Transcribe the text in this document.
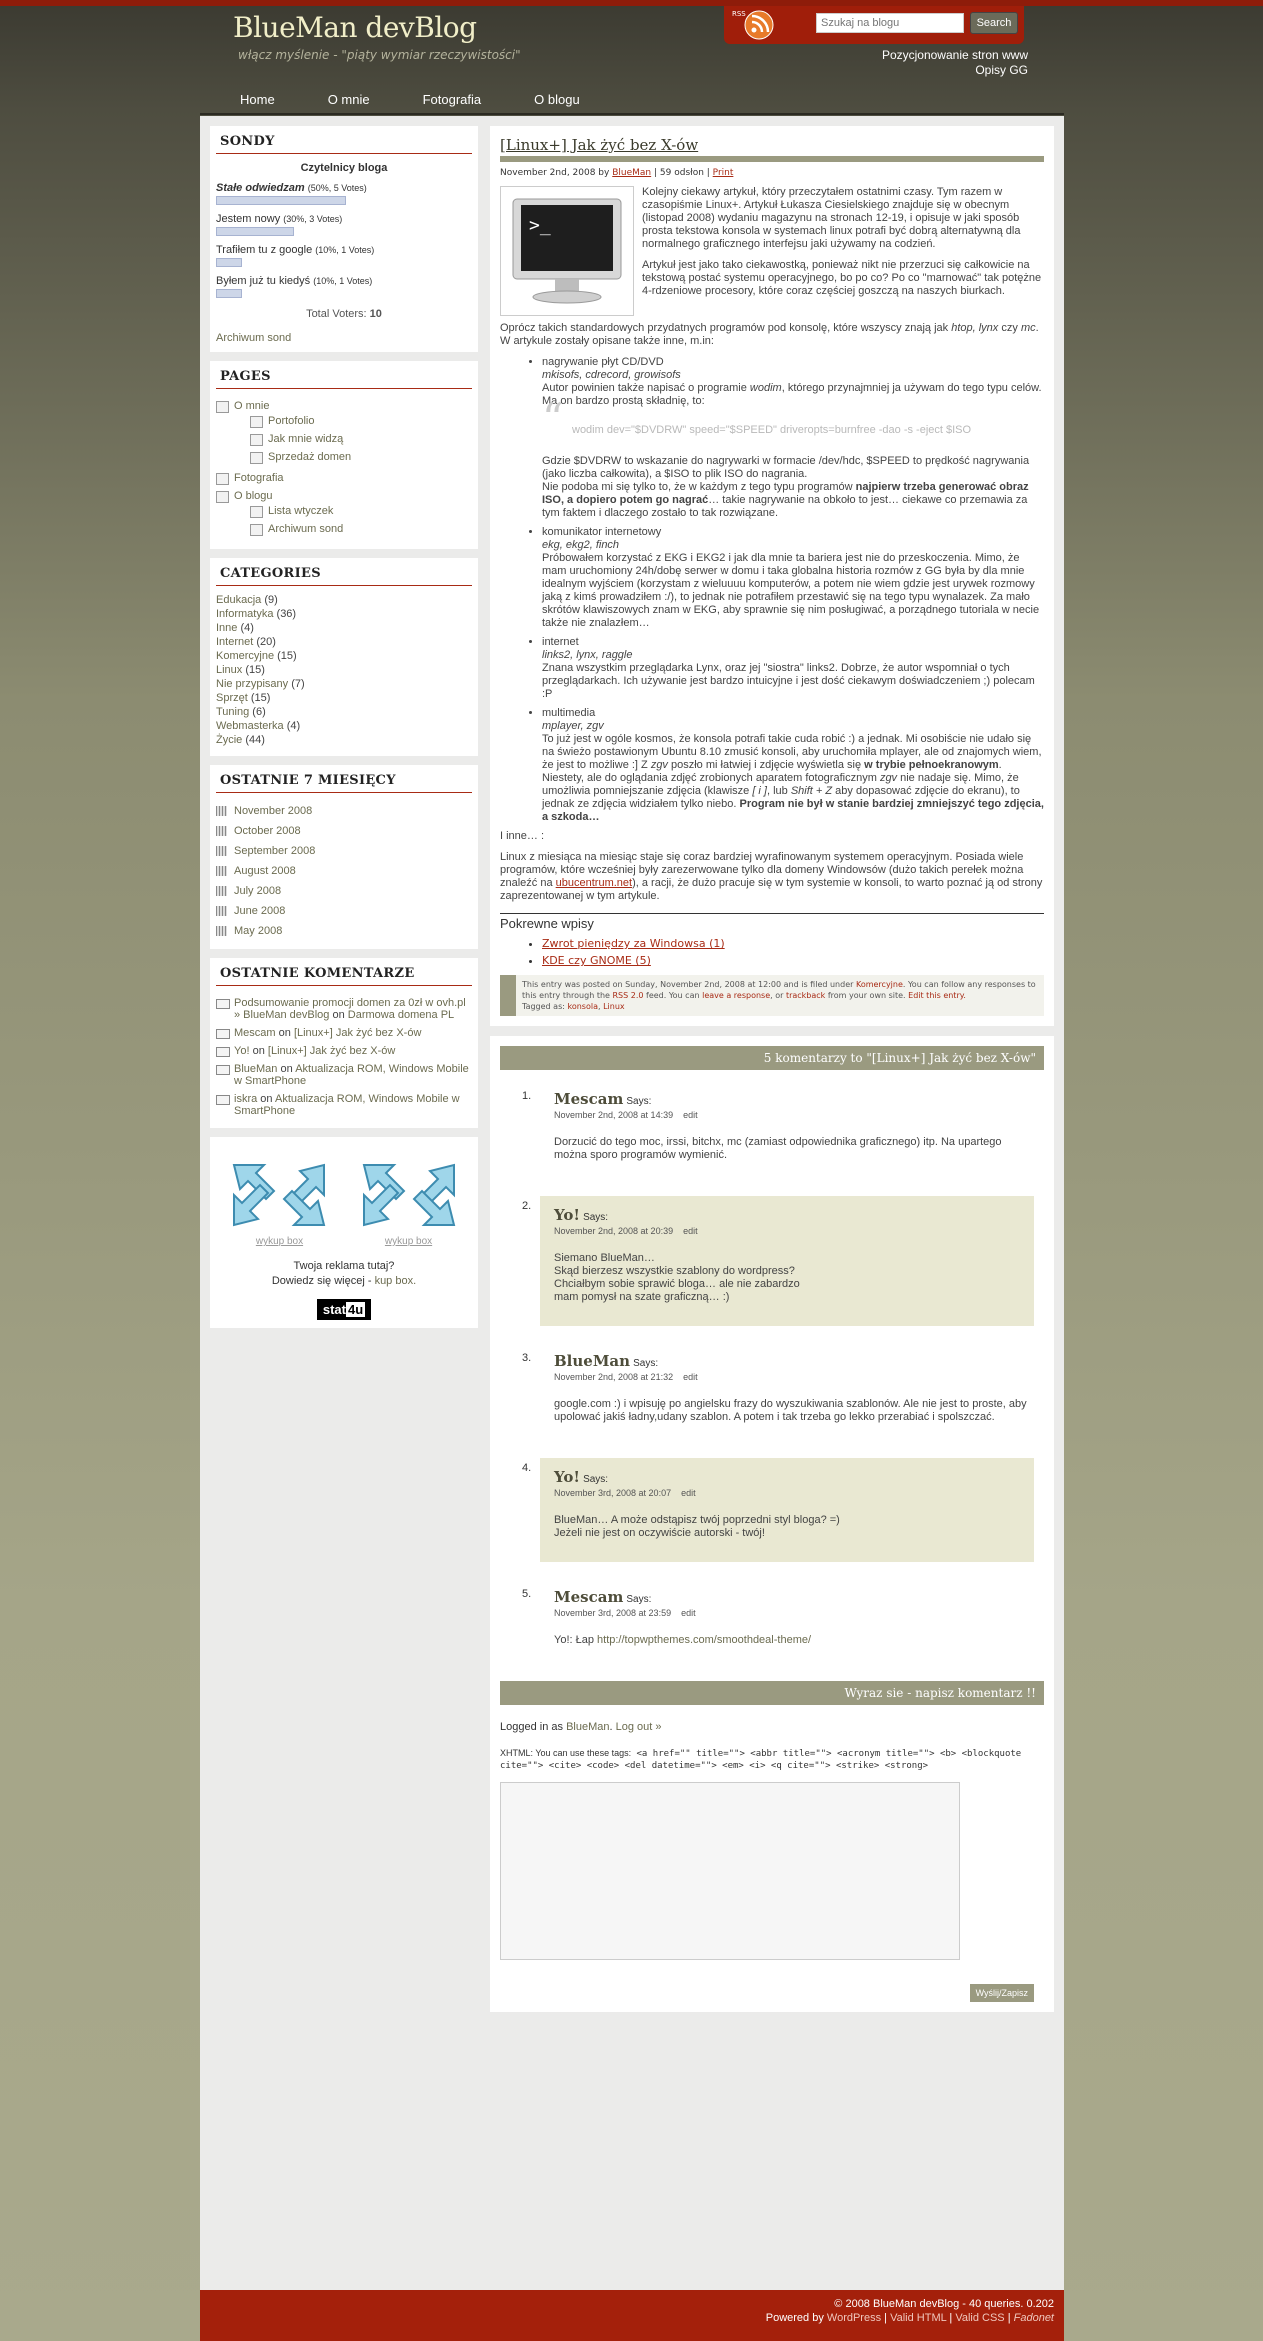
BlueMan devBlog
włącz myślenie - "piąty wymiar rzeczywistości"
RSS
Szukaj na blogu
Search
Pozycjonowanie stron www
Opisy GG
Home	O mnie	Fotografia	O blogu
SONDY
Czytelnicy bloga
Stałe odwiedzam (50%, 5 Votes)
Jestem nowy (30%, 3 Votes)
Trafiłem tu z google (10%, 1 Votes)
Byłem już tu kiedyś (10%, 1 Votes)
Total Voters: 10
Archiwum sond
PAGES
O mnie
Portofolio
Jak mnie widzą
Sprzedaż domen
Fotografia
O blogu
Lista wtyczek
Archiwum sond
CATEGORIES
Edukacja (9)
Informatyka (36)
Inne (4)
Internet (20)
Komercyjne (15)
Linux (15)
Nie przypisany (7)
Sprzęt (15)
Tuning (6)
Webmasterka (4)
Życie (44)
OSTATNIE 7 MIESIĘCY
November 2008
October 2008
September 2008
August 2008
July 2008
June 2008
May 2008
OSTATNIE KOMENTARZE
Podsumowanie promocji domen za 0zł w ovh.pl » BlueMan devBlog on Darmowa domena PL
Mescam on [Linux+] Jak żyć bez X-ów
Yo! on [Linux+] Jak żyć bez X-ów
BlueMan on Aktualizacja ROM, Windows Mobile w SmartPhone
iskra on Aktualizacja ROM, Windows Mobile w SmartPhone
wykup box	wykup box
Twoja reklama tutaj?
Dowiedz się więcej - kup box.
stat 4u
[Linux+] Jak żyć bez X-ów
November 2nd, 2008 by BlueMan | 59 odsłon | Print
>_

Kolejny ciekawy artykuł, który przeczytałem ostatnimi czasy. Tym razem w czasopiśmie Linux+. Artykuł Łukasza Ciesielskiego znajduje się w obecnym (listopad 2008) wydaniu magazynu na stronach 12-19, i opisuje w jaki sposób prosta tekstowa konsola w systemach linux potrafi być dobrą alternatywną dla normalnego graficznego interfejsu jaki używamy na codzień.

Artykuł jest jako tako ciekawostką, ponieważ nikt nie przerzuci się całkowicie na tekstową postać systemu operacyjnego, bo po co? Po co "marnować" tak potężne 4-rdzeniowe procesory, które coraz częściej goszczą na naszych biurkach.

Oprócz takich standardowych przydatnych programów pod konsolę, które wszyscy znają jak htop, lynx czy mc. W artykule zostały opisane także inne, m.in:

• nagrywanie płyt CD/DVD
mkisofs, cdrecord, growisofs
Autor powinien także napisać o programie wodim, którego przynajmniej ja używam do tego typu celów.
Ma on bardzo prostą składnię, to:
“ wodim dev="$DVDRW" speed="$SPEED" driveropts=burnfree -dao -s -eject $ISO
Gdzie $DVDRW to wskazanie do nagrywarki w formacie /dev/hdc, $SPEED to prędkość nagrywania (jako liczba całkowita), a $ISO to plik ISO do nagrania.
Nie podoba mi się tylko to, że w każdym z tego typu programów najpierw trzeba generować obraz ISO, a dopiero potem go nagrać… takie nagrywanie na obkoło to jest… ciekawe co przemawia za tym faktem i dlaczego zostało to tak rozwiązane.
• komunikator internetowy
ekg, ekg2, finch
Próbowałem korzystać z EKG i EKG2 i jak dla mnie ta bariera jest nie do przeskoczenia. Mimo, że mam uruchomiony 24h/dobę serwer w domu i taka globalna historia rozmów z GG była by dla mnie idealnym wyjściem (korzystam z wieluuuu komputerów, a potem nie wiem gdzie jest urywek rozmowy jaką z kimś prowadziłem :/), to jednak nie potrafiłem przestawić się na tego typu wynalazek. Za mało skrótów klawiszowych znam w EKG, aby sprawnie się nim posługiwać, a porządnego tutoriala w necie także nie znalazłem…
• internet
links2, lynx, raggle
Znana wszystkim przeglądarka Lynx, oraz jej "siostra" links2. Dobrze, że autor wspomniał o tych przeglądarkach. Ich używanie jest bardzo intuicyjne i jest dość ciekawym doświadczeniem ;) polecam :P
• multimedia
mplayer, zgv
To już jest w ogóle kosmos, że konsola potrafi takie cuda robić :) a jednak. Mi osobiście nie udało się na świeżo postawionym Ubuntu 8.10 zmusić konsoli, aby uruchomiła mplayer, ale od znajomych wiem, że jest to możliwe :] Z zgv poszło mi łatwiej i zdjęcie wyświetla się w trybie pełnoekranowym.
Niestety, ale do oglądania zdjęć zrobionych aparatem fotograficznym zgv nie nadaje się. Mimo, że umożliwia pomniejszanie zdjęcia (klawisze [ i ], lub Shift + Z aby dopasować zdjęcie do ekranu), to jednak ze zdjęcia widziałem tylko niebo. Program nie był w stanie bardziej zmniejszyć tego zdjęcia, a szkoda…

I inne… :

Linux z miesiąca na miesiąc staje się coraz bardziej wyrafinowanym systemem operacyjnym. Posiada wiele programów, które wcześniej były zarezerwowane tylko dla domeny Windowsów (dużo takich perełek można znaleźć na ubucentrum.net), a racji, że dużo pracuje się w tym systemie w konsoli, to warto poznać ją od strony zaprezentowanej w tym artykule.

Pokrewne wpisy
• Zwrot pieniędzy za Windowsa (1)
• KDE czy GNOME (5)
This entry was posted on Sunday, November 2nd, 2008 at 12:00 and is filed under Komercyjne. You can follow any responses to this entry through the RSS 2.0 feed. You can leave a response, or trackback from your own site. Edit this entry.
Tagged as: konsola, Linux
5 komentarzy to "[Linux+] Jak żyć bez X-ów"
1. Mescam Says:
November 2nd, 2008 at 14:39 edit
Dorzucić do tego moc, irssi, bitchx, mc (zamiast odpowiednika graficznego) itp. Na upartego można sporo programów wymienić.
2.	Yo! Says:
November 2nd, 2008 at 20:39 edit
Siemano BlueMan…
Skąd bierzesz wszystkie szablony do wordpress?
Chciałbym sobie sprawić bloga… ale nie zabardzo
mam pomysł na szate graficzną… :)
3. BlueMan Says:
November 2nd, 2008 at 21:32 edit
google.com :) i wpisuję po angielsku frazy do wyszukiwania szablonów. Ale nie jest to proste, aby upolować jakiś ładny,udany szablon. A potem i tak trzeba go lekko przerabiać i spolszczać.
4.	Yo! Says:
November 3rd, 2008 at 20:07 edit
BlueMan… A może odstąpisz twój poprzedni styl bloga? =)
Jeżeli nie jest on oczywiście autorski - twój!
5. Mescam Says:
November 3rd, 2008 at 23:59 edit
Yo!: Łap http://topwpthemes.com/smoothdeal-theme/
Wyraz sie - napisz komentarz !!
Logged in as BlueMan. Log out »
XHTML: You can use these tags: <a href="" title=""> <abbr title=""> <acronym title=""> <b> <blockquote cite=""> <cite> <code> <del datetime=""> <em> <i> <q cite=""> <strike> <strong>
Wyślij/Zapisz
© 2008 BlueMan devBlog - 40 queries. 0.202
Powered by WordPress | Valid HTML | Valid CSS | Fadonet
